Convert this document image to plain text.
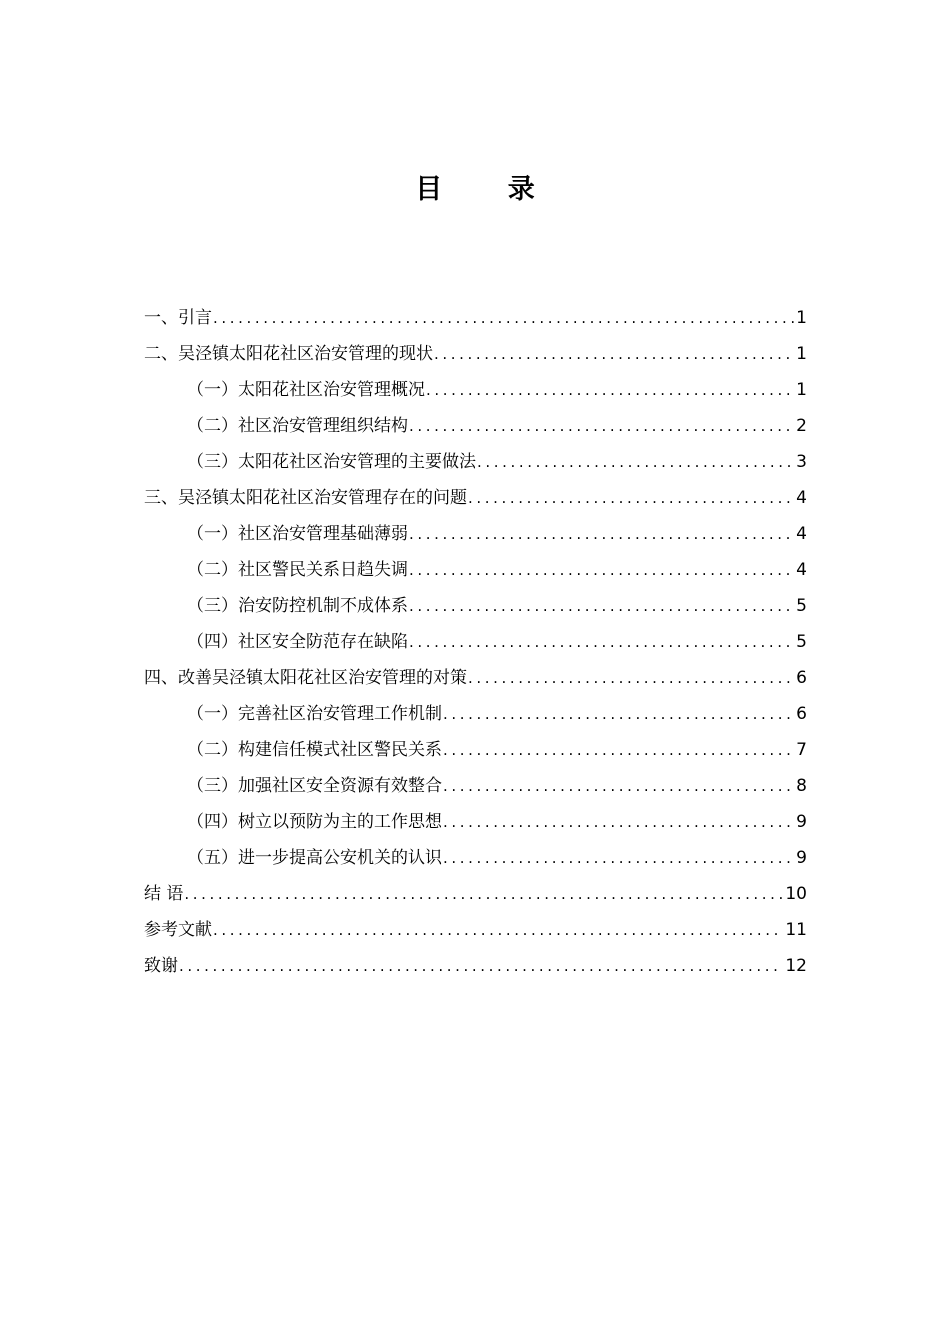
目 录
一、引言 .....	1
二、吴泾镇太阳花社区治安管理的现状 .....	1
（一）太阳花社区治安管理概况 .....	1
（二）社区治安管理组织结构 .....	2
（三）太阳花社区治安管理的主要做法 .....	3
三、吴泾镇太阳花社区治安管理存在的问题 .....	4
（一）社区治安管理基础薄弱 .....	4
（二）社区警民关系日趋失调 .....	4
（三）治安防控机制不成体系 .....	5
（四）社区安全防范存在缺陷 .....	5
四、改善吴泾镇太阳花社区治安管理的对策 .....	6
（一）完善社区治安管理工作机制 .....	6
（二）构建信任模式社区警民关系 .....	7
（三）加强社区安全资源有效整合 .....	8
（四）树立以预防为主的工作思想 .....	9
（五）进一步提高公安机关的认识 .....	9
结 语 .....	10
参考文献 .....	11
致谢 .....	12
